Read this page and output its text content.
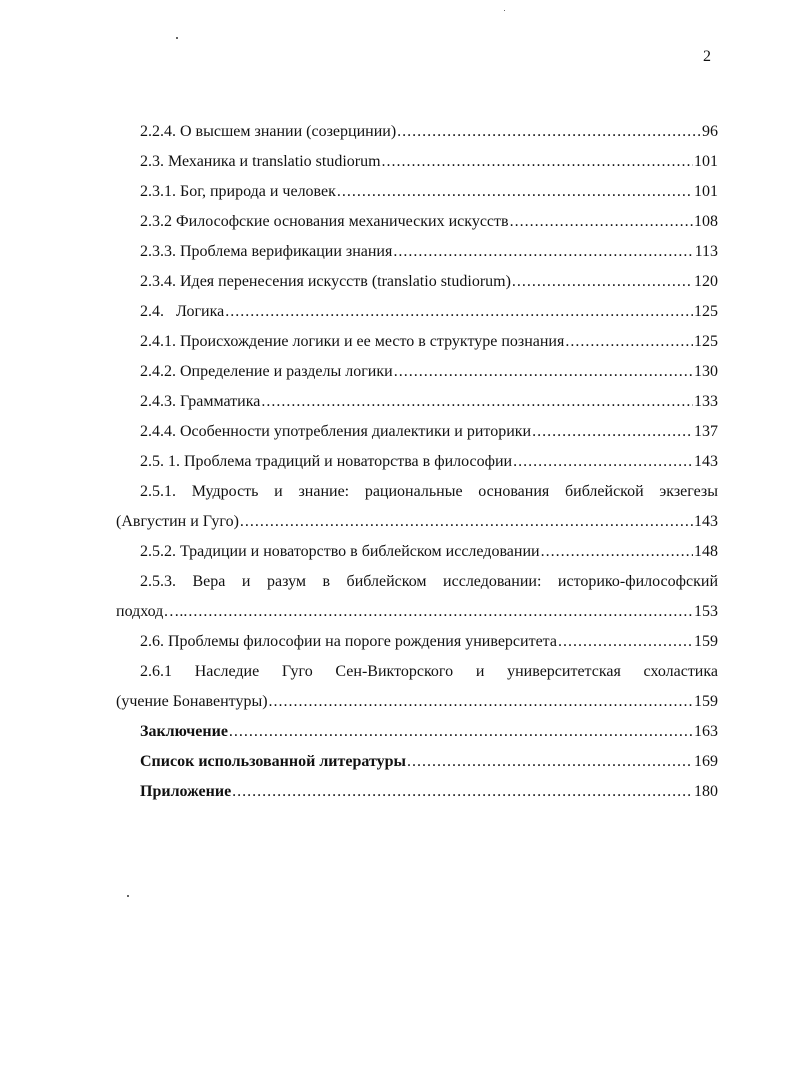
2
2.2.4. О высшем знании (созерцинии) .....	96
2.3. Механика и translatio studiorum .....	101
2.3.1. Бог, природа и человек .....	101
2.3.2 Философские основания механических искусств .....	108
2.3.3. Проблема верификации знания .....	113
2.3.4. Идея перенесения искусств (translatio studiorum) .....	120
2.4.   Логика .....	125
2.4.1. Происхождение логики и ее место в структуре познания .....	125
2.4.2. Определение и разделы логики .....	130
2.4.3. Грамматика .....	133
2.4.4. Особенности употребления диалектики и риторики .....	137
2.5. 1. Проблема традиций и новаторства в философии .....	143
2.5.1. Мудрость и знание: рациональные основания библейской экзегезы
(Августин и Гуго) .....	143
2.5.2. Традиции и новаторство в библейском исследовании .....	148
2.5.3. Вера и разум в библейском исследовании: историко-философский
подход….. .....	153
2.6. Проблемы философии на пороге рождения университета .....	159
2.6.1 Наследие Гуго Сен-Викторского и университетская схоластика
(учение Бонавентуры) .....	159
Заключение .....	163
Список использованной литературы .....	169
Приложение .....	180
